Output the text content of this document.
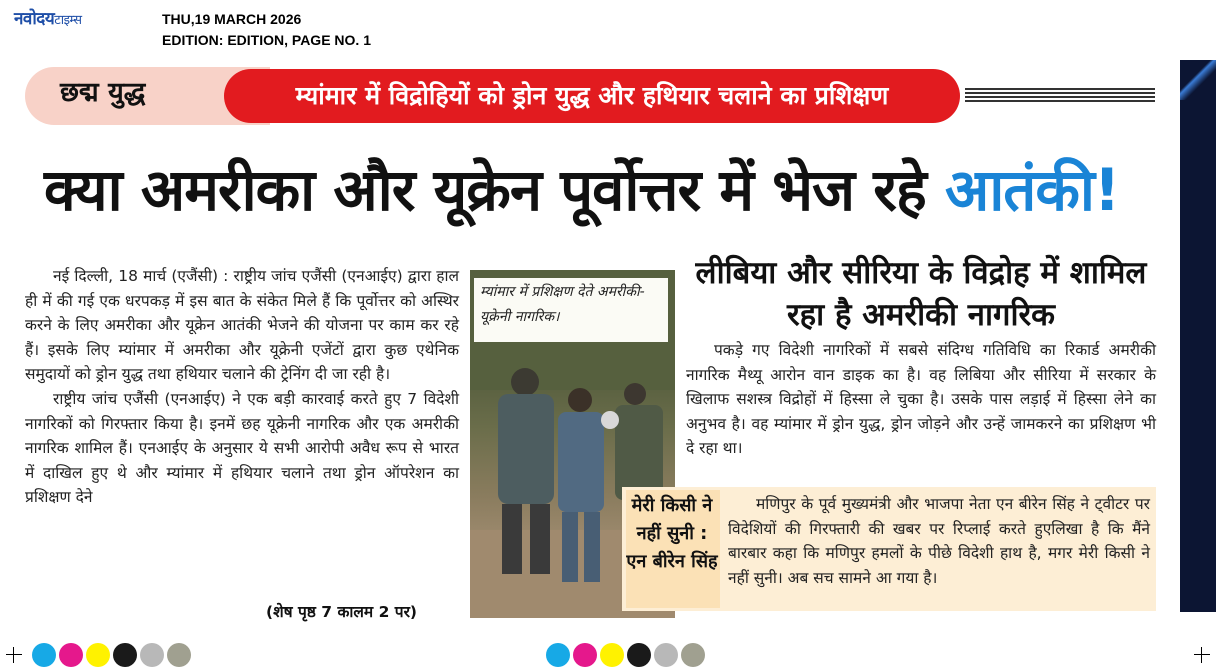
नवोदयटाइम्स	THU,19 MARCH 2026
EDITION: EDITION, PAGE NO. 1
छद्म युद्ध	म्यांमार में विद्रोहियों को ड्रोन युद्ध और हथियार चलाने का प्रशिक्षण
क्या अमरीका और यूक्रेन पूर्वोत्तर में भेज रहे आतंकी!

नई दिल्ली, 18 मार्च (एजैंसी) : राष्ट्रीय जांच एजैंसी (एनआईए) द्वारा हाल ही में की गई एक धरपकड़ में इस बात के संकेत मिले हैं कि पूर्वोत्तर को अस्थिर करने के लिए अमरीका और यूक्रेन आतंकी भेजने की योजना पर काम कर रहे हैं। इसके लिए म्यांमार में अमरीका और यूक्रेनी एजेंटों द्वारा कुछ एथेनिक समुदायों को ड्रोन युद्ध तथा हथियार चलाने की ट्रेनिंग दी जा रही है।

राष्ट्रीय जांच एजैंसी (एनआईए) ने एक बड़ी कारवाई करते हुए 7 विदेशी नागरिकों को गिरफ्तार किया है। इनमें छह यूक्रेनी नागरिक और एक अमरीकी नागरिक शामिल हैं। एनआईए के अनुसार ये सभी आरोपी अवैध रूप से भारत में दाखिल हुए थे और म्यांमार में हथियार चलाने तथा ड्रोन ऑपरेशन का प्रशिक्षण देने

(शेष पृष्ठ 7 कालम 2 पर)
म्यांमार में प्रशिक्षण देते अमरीकी-यूक्रेनी नागरिक।
लीबिया और सीरिया के विद्रोह में शामिल रहा है अमरीकी नागरिक

पकड़े गए विदेशी नागरिकों में सबसे संदिग्ध गतिविधि का रिकार्ड अमरीकी नागरिक मैथ्यू आरोन वान डाइक का है। वह लिबिया और सीरिया में सरकार के खिलाफ सशस्त्र विद्रोहों में हिस्सा ले चुका है। उसके पास लड़ाई में हिस्सा लेने का अनुभव है। वह म्यांमार में ड्रोन युद्ध, ड्रोन जोड़ने और उन्हें जामकरने का प्रशिक्षण भी दे रहा था।

मेरी किसी ने नहीं सुनी : एन बीरेन सिंह

मणिपुर के पूर्व मुख्यमंत्री और भाजपा नेता एन बीरेन सिंह ने ट्वीटर पर विदेशियों की गिरफ्तारी की खबर पर रिप्लाई करते हुएलिखा है कि मैंने बारबार कहा कि मणिपुर हमलों के पीछे विदेशी हाथ है, मगर मेरी किसी ने नहीं सुनी। अब सच सामने आ गया है।
